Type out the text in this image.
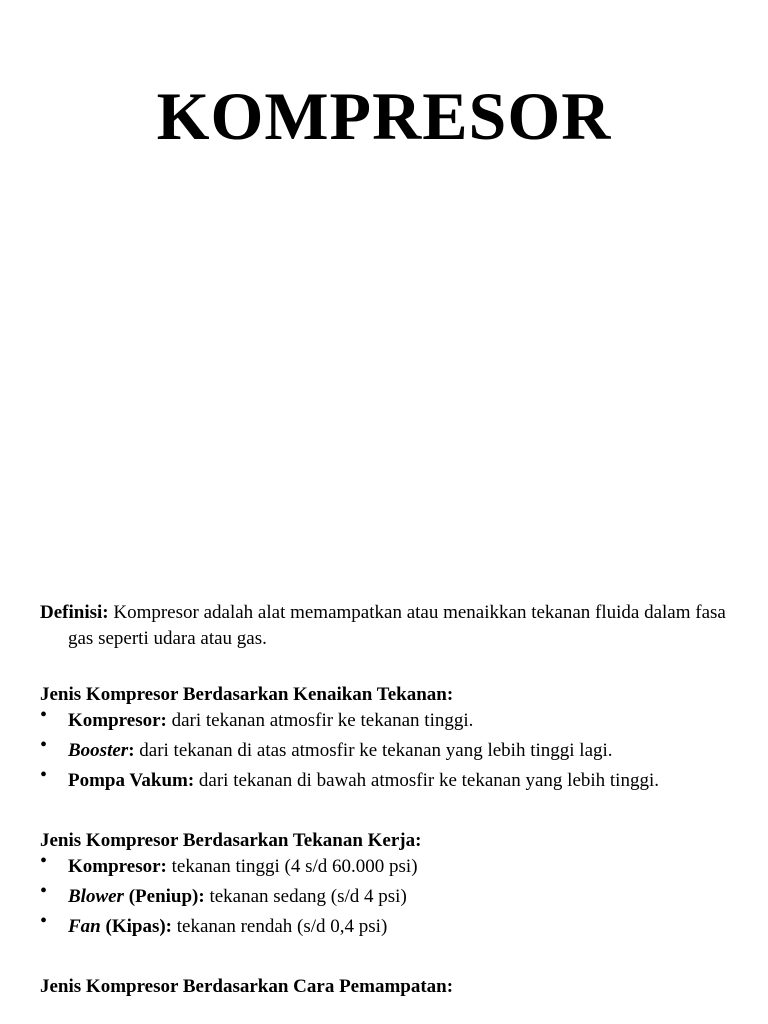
KOMPRESOR

Definisi: Kompresor adalah alat memampatkan atau menaikkan tekanan fluida dalam fasa gas seperti udara atau gas.

Jenis Kompresor Berdasarkan Kenaikan Tekanan:

• Kompresor: dari tekanan atmosfir ke tekanan tinggi.
• Booster: dari tekanan di atas atmosfir ke tekanan yang lebih tinggi lagi.
• Pompa Vakum: dari tekanan di bawah atmosfir ke tekanan yang lebih tinggi.

Jenis Kompresor Berdasarkan Tekanan Kerja:

• Kompresor: tekanan tinggi (4 s/d 60.000 psi)
• Blower (Peniup): tekanan sedang (s/d 4 psi)
• Fan (Kipas): tekanan rendah (s/d 0,4 psi)

Jenis Kompresor Berdasarkan Cara Pemampatan:
